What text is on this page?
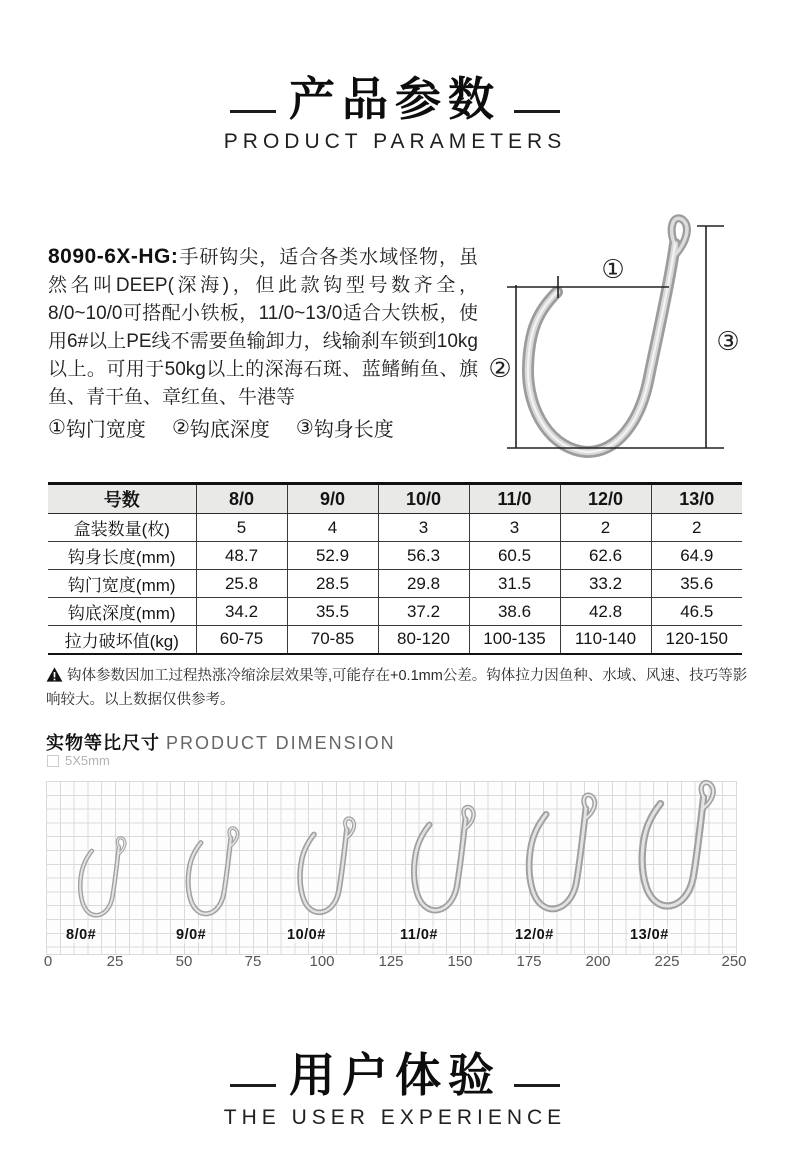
产品参数
PRODUCT PARAMETERS
8090-6X-HG:手研钩尖，适合各类水域怪物，虽然名叫DEEP(深海)，但此款钩型号数齐全，8/0~10/0可搭配小铁板，11/0~13/0适合大铁板，使用6#以上PE线不需要鱼输卸力，线输刹车锁到10kg以上。可用于50kg以上的深海石斑、蓝鳍鲔鱼、旗鱼、青干鱼、章红鱼、牛港等
① 钩门宽度 ② 钩底深度 ③ 钩身长度
①
②
③
号数	8/0	9/0	10/0	11/0	12/0	13/0
盒装数量(枚)	5	4	3	3	2	2
钩身长度(mm)	48.7	52.9	56.3	60.5	62.6	64.9
钩门宽度(mm)	25.8	28.5	29.8	31.5	33.2	35.6
钩底深度(mm)	34.2	35.5	37.2	38.6	42.8	46.5
拉力破坏值(kg)	60-75	70-85	80-120	100-135	110-140	120-150
钩体参数因加工过程热涨冷缩涂层效果等,可能存在+0.1mm公差。钩体拉力因鱼种、水域、风速、技巧等影响较大。以上数据仅供参考。
实物等比尺寸 PRODUCT DIMENSION
5X5mm
8/0#	9/0#	10/0#	11/0#	12/0#	13/0#
0	25	50	75	100	125	150	175	200	225	250
用户体验
THE USER EXPERIENCE
